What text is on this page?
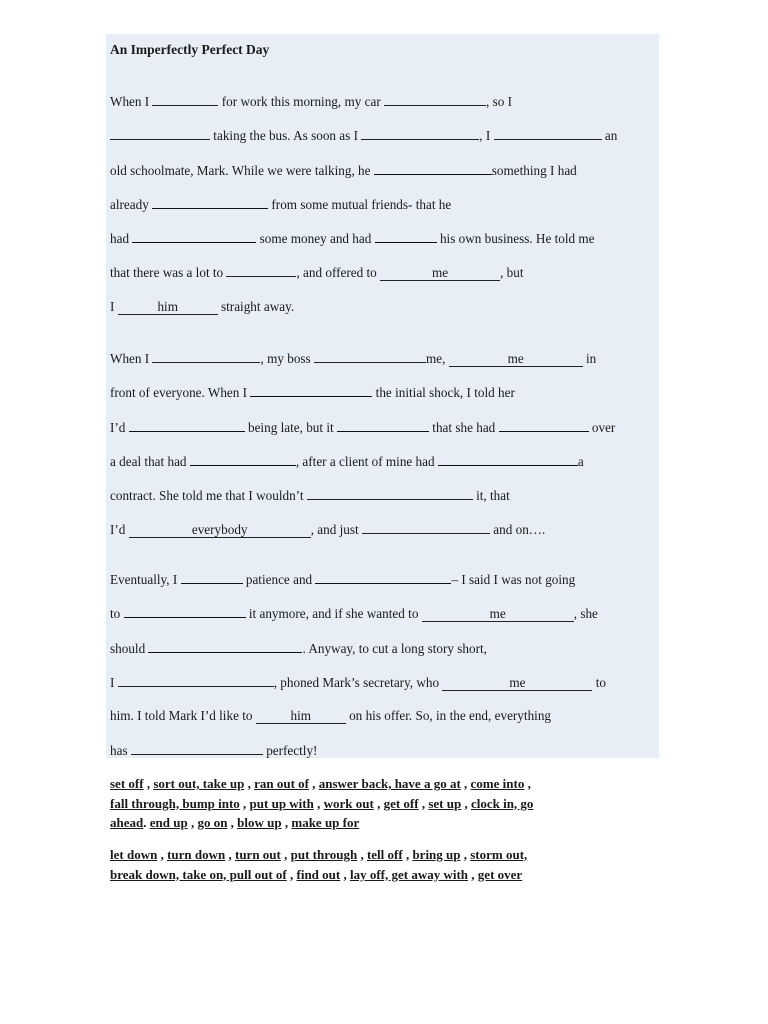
An Imperfectly Perfect Day
When I	for work this morning, my car	, so I
taking the bus. As soon as I	, I	an
old schoolmate, Mark. While we were talking, he	something I had
already	from some mutual friends- that he
had	some money and had	his own business. He told me
that there was a lot to	, and offered to	me	, but
I	him	straight away.
When I	, my boss	me,	me	in
front of everyone. When I	the initial shock, I told her
I’d	being late, but it	that she had	over
a deal that had	, after a client of mine had	a
contract. She told me that I wouldn’t	it, that
I’d	everybody	, and just	and on….
Eventually, I	patience and	– I said I was not going
to	it anymore, and if she wanted to	me	, she
should	. Anyway, to cut a long story short,
I	, phoned Mark’s secretary, who	me	to
him. I told Mark I’d like to	him	on his offer. So, in the end, everything
has	perfectly!
set off , sort out, take up , ran out of , answer back, have a go at , come into ,
fall through, bump into , put up with , work out , get off , set up , clock in, go
ahead. end up , go on , blow up , make up for
let down , turn down , turn out , put through , tell off , bring up , storm out,
break down, take on, pull out of , find out , lay off, get away with , get over
